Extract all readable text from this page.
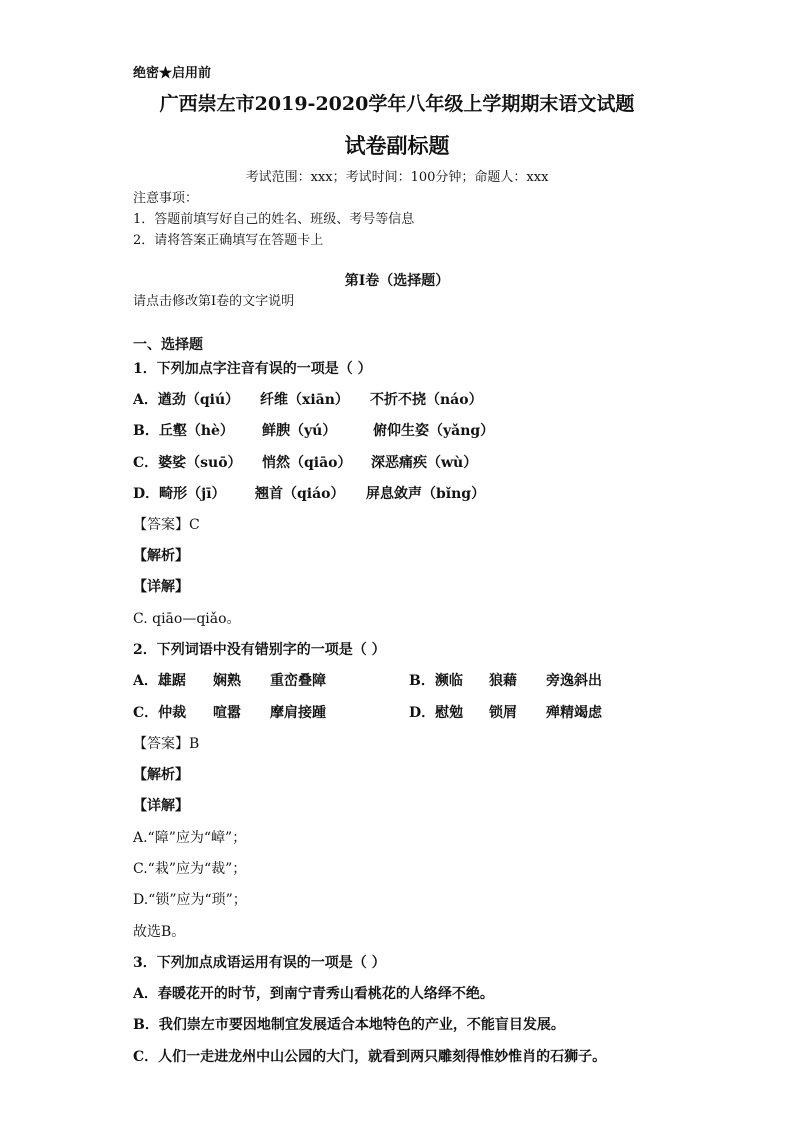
绝密★启用前
广西崇左市2019-2020学年八年级上学期期末语文试题
试卷副标题
考试范围：xxx；考试时间：100分钟；命题人：xxx
注意事项：
1．答题前填写好自己的姓名、班级、考号等信息
2．请将答案正确填写在答题卡上
第I卷（选择题）
请点击修改第I卷的文字说明
一、选择题
1．下列加点字注音有误的一项是（ ）
A．遒劲（qiú） 纤维（xiān） 不折不挠（náo）
B．丘壑（hè） 鲜腴（yú）	俯仰生姿（yǎng）
C．婆娑（suō） 悄然（qiāo） 深恶痛疾（wù）
D．畸形（jī） 翘首（qiáo） 屏息敛声（bǐng）
【答案】C
【解析】
【详解】
C. qiāo—qiǎo。
2．下列词语中没有错别字的一项是（ ）
A．雄踞 娴熟 重峦叠障	B．濒临 狼藉 旁逸斜出
C．仲裁 喧嚣 摩肩接踵	D．慰勉 锁屑 殚精竭虑
【答案】B
【解析】
【详解】
A.“障”应为“嶂”；
C.“栽”应为“裁”；
D.“锁”应为“琐”；
故选B。
3．下列加点成语运用有误的一项是（ ）
A．春暖花开的时节，到南宁青秀山看桃花的人络绎不绝。
B．我们崇左市要因地制宜发展适合本地特色的产业，不能盲目发展。
C．人们一走进龙州中山公园的大门，就看到两只雕刻得惟妙惟肖的石狮子。
